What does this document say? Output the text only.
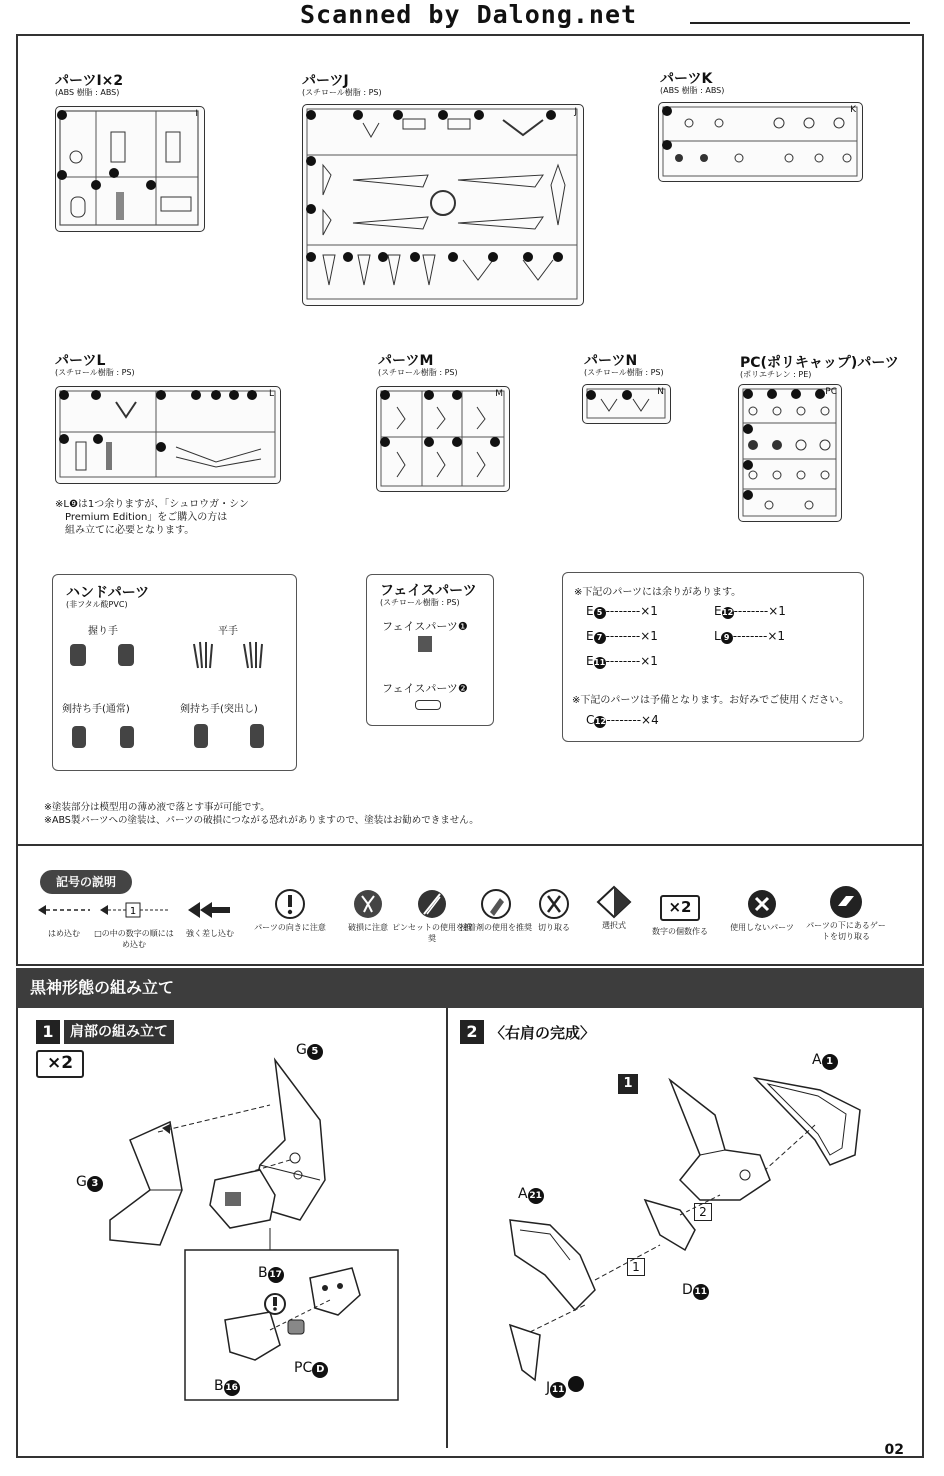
Scanned by Dalong.net
パーツI×2
(ABS 樹脂 : ABS)
I
パーツJ
(スチロール樹脂 : PS)
J
パーツK
(ABS 樹脂 : ABS)
K
パーツL
(スチロール樹脂 : PS)
L
※L❾は1つ余りますが、「シュロウガ・シン
Premium Edition」をご購入の方は
組み立てに必要となります。
パーツM
(スチロール樹脂 : PS)
M
パーツN
(スチロール樹脂 : PS)
N
PC(ポリキャップ)パーツ
(ポリエチレン : PE)
PC
ハンドパーツ
(非フタル酸PVC)
握り手	平手
剣持ち手(通常)	剣持ち手(突出し)
フェイスパーツ
(スチロール樹脂 : PS)
フェイスパーツ❶
フェイスパーツ❷
※下記のパーツには余りがあります。
E 5 --------×1	E12--------×1
E 7 --------×1	L 9 --------×1
E11--------×1
※下記のパーツは予備となります。お好みでご使用ください。
C12--------×4
※塗装部分は模型用の薄め液で落とす事が可能です。
※ABS製パーツへの塗装は、パーツの破損につながる恐れがありますので、塗装はお勧めできません。
記号の説明
はめ込む
1
□の中の数字の順にはめ込む
強く差し込む
パーツの向きに注意	破損に注意 ピンセットの使用を推奨
接着剤の使用を推奨 切り取る	選択式
×2
数字の個数作る	使用しないパーツ	パーツの下にあるゲートを切り取る
黒神形態の組み立て
1	肩部の組み立て
×2
G 5
G 3
B 17
B 16
PC D
2 〈右肩の完成〉
1
A 1
A 21
D 11
J 11
2
1
02
